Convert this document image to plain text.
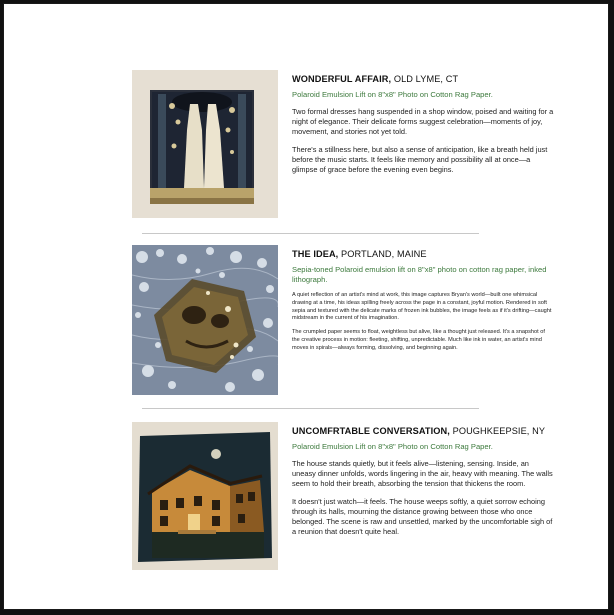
WONDERFUL AFFAIR, OLD LYME, CT

Polaroid Emulsion Lift on 8"x8" Photo on Cotton Rag Paper.

Two formal dresses hang suspended in a shop window, poised and waiting for a night of elegance. Their delicate forms suggest celebration—moments of joy, movement, and stories not yet told.

There's a stillness here, but also a sense of anticipation, like a breath held just before the music starts. It feels like memory and possibility all at once—a glimpse of grace before the evening even begins.

THE IDEA, PORTLAND, MAINE

Sepia-toned Polaroid emulsion lift on 8"x8" photo on cotton rag paper, inked lithograph.

A quiet reflection of an artist's mind at work, this image captures Bryan's world—built one whimsical drawing at a time, his ideas spilling freely across the page in a constant, joyful motion. Rendered in soft sepia and textured with the delicate marks of frozen ink bubbles, the image feels as if it's drifting—caught midstream in the current of his imagination.

The crumpled paper seems to float, weightless but alive, like a thought just released. It's a snapshot of the creative process in motion: fleeting, shifting, unpredictable. Much like ink in water, an artist's mind moves in spirals—always forming, dissolving, and beginning again.

UNCOMFRTABLE CONVERSATION, POUGHKEEPSIE, NY

Polaroid Emulsion Lift on 8"x8" Photo on Cotton Rag Paper.

The house stands quietly, but it feels alive—listening, sensing. Inside, an uneasy dinner unfolds, words lingering in the air, heavy with meaning. The walls seem to hold their breath, absorbing the tension that thickens the room.

It doesn't just watch—it feels. The house weeps softly, a quiet sorrow echoing through its halls, mourning the distance growing between those who once belonged. The scene is raw and unsettled, marked by the uncomfortable sigh of a reunion that doesn't quite heal.
